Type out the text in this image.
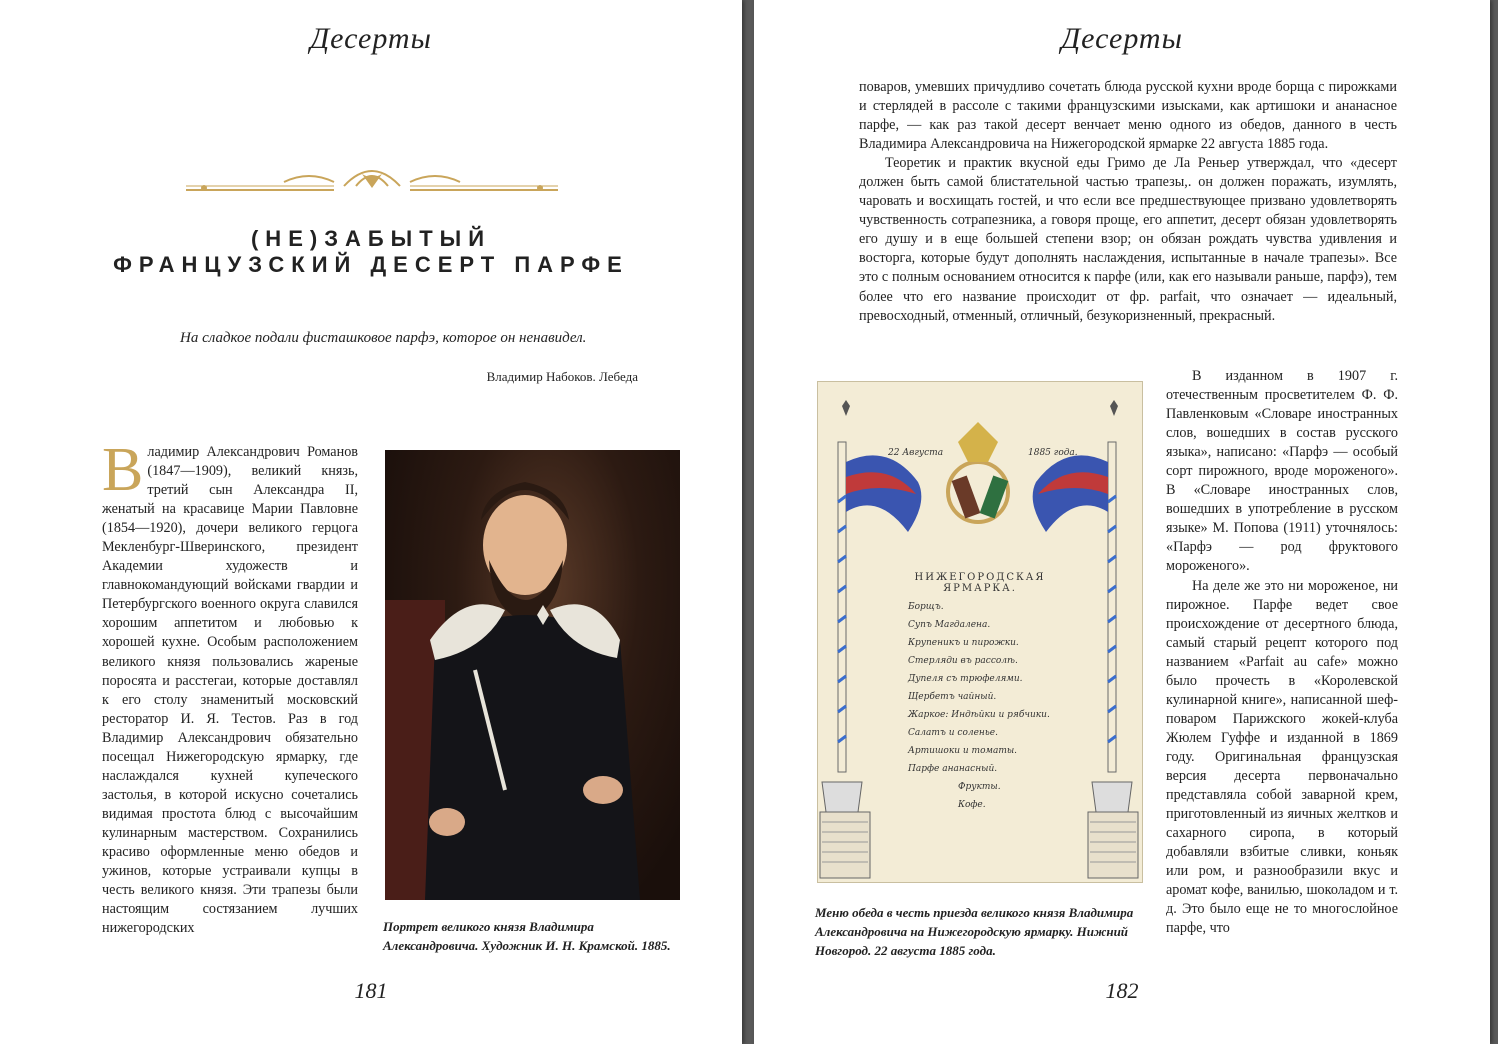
Десерты
(НЕ)ЗАБЫТЫЙ
ФРАНЦУЗСКИЙ ДЕСЕРТ ПАРФЕ
На сладкое подали фисташковое парфэ, которое он ненавидел.
Владимир Набоков. Лебеда

Владимир Александрович Романов (1847—1909), великий князь, третий сын Александра II, женатый на красавице Марии Павловне (1854—1920), дочери великого герцога Мекленбург-Шверинского, президент Академии художеств и главнокомандующий войсками гвардии и Петербургского военного округа славился хорошим аппетитом и любовью к хорошей кухне. Особым расположением великого князя пользовались жареные поросята и расстегаи, которые доставлял к его столу знаменитый московский ресторатор И. Я. Тестов. Раз в год Владимир Александрович обязательно посещал Нижегородскую ярмарку, где наслаждался кухней купеческого застолья, в которой искусно сочетались видимая простота блюд с высочайшим кулинарным мастерством. Сохранились красиво оформленные меню обедов и ужинов, которые устраивали купцы в честь великого князя. Эти трапезы были настоящим состязанием лучших нижегородских	Портрет великого князя Владимира Александровича. Художник И. Н. Крамской. 1885.
181
Десерты

поваров, умевших причудливо сочетать блюда русской кухни вроде борща с пирожками и стерлядей в рассоле с такими французскими изысками, как артишоки и ананасное парфе, — как раз такой десерт венчает меню одного из обедов, данного в честь Владимира Александровича на Нижегородской ярмарке 22 августа 1885 года.

Теоретик и практик вкусной еды Гримо де Ла Реньер утверждал, что «десерт должен быть самой блистательной частью трапезы,. он должен поражать, изумлять, чаровать и восхищать гостей, и что если все предшествующее призвано удовлетворять чувственность сотрапезника, а говоря проще, его аппетит, десерт обязан удовлетворять его душу и в еще большей степени взор; он обязан рождать чувства удивления и восторга, которые будут дополнять наслаждения, испытанные в начале трапезы». Все это с полным основанием относится к парфе (или, как его называли раньше, парфэ), тем более что его название происходит от фр. parfait, что означает — идеальный, превосходный, отменный, отличный, безукоризненный, прекрасный.

22 Августа	1885 года.
НИЖЕГОРОДСКАЯ ЯРМАРКА.
Борщъ.
Супъ Магдалена.
Крупеникъ и пирожки.
Стерляди въ рассолѣ.
Дупеля съ трюфелями.
Щербетъ чайный.
Жаркое: Индѣйки и рябчики.
Салатъ и соленье.
Артишоки и томаты.
Парфе ананасный.
Фрукты.
Кофе.
Меню обеда в честь приезда великого князя Владимира Александровича на Нижегородскую ярмарку. Нижний Новгород. 22 августа 1885 года.

В изданном в 1907 г. отечественным просветителем Ф. Ф. Павленковым «Словаре иностранных слов, вошедших в состав русского языка», написано: «Парфэ — особый сорт пирожного, вроде мороженого». В «Словаре иностранных слов, вошедших в употребление в русском языке» М. Попова (1911) уточнялось: «Парфэ — род фруктового мороженого».

На деле же это ни мороженое, ни пирожное. Парфе ведет свое происхождение от десертного блюда, самый старый рецепт которого под названием «Parfait au cafe» можно было прочесть в «Королевской кулинарной книге», написанной шеф-поваром Парижского жокей-клуба Жюлем Гуффе и изданной в 1869 году. Оригинальная французская версия десерта первоначально представляла собой заварной крем, приготовленный из яичных желтков и сахарного сиропа, в который добавляли взбитые сливки, коньяк или ром, и разнообразили вкус и аромат кофе, ванилью, шоколадом и т. д. Это было еще не то многослойное парфе, что

182
